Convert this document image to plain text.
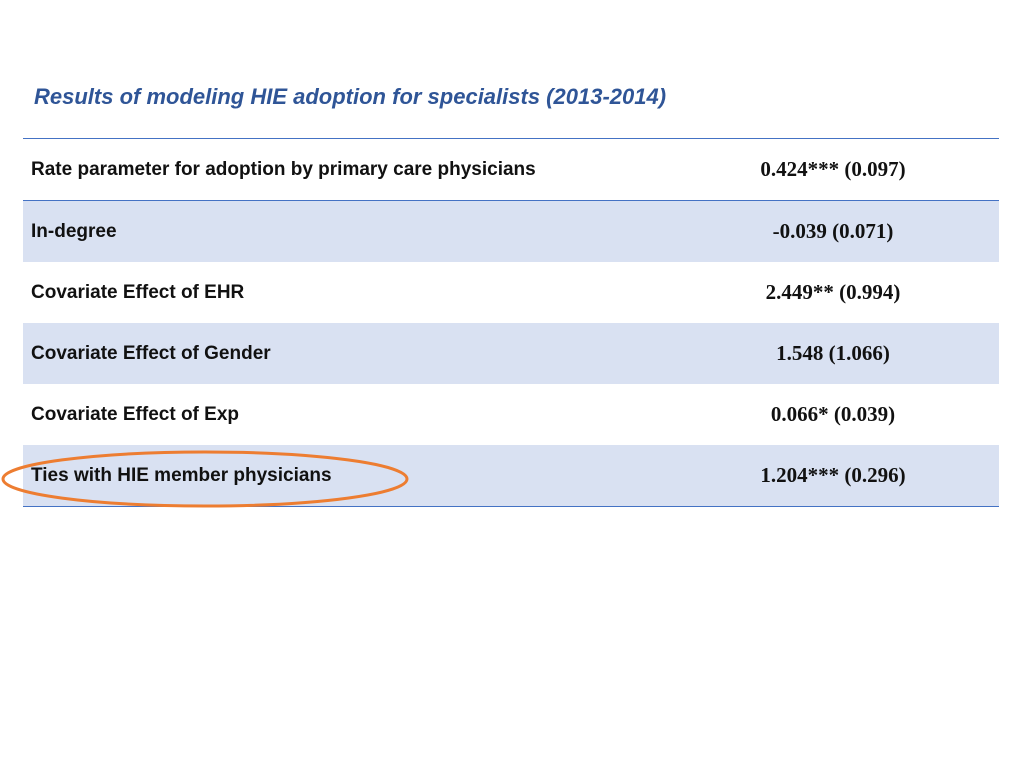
Results of modeling HIE adoption for specialists (2013-2014)
Rate parameter for adoption by primary care physicians	0.424*** (0.097)
In-degree	-0.039 (0.071)
Covariate Effect of EHR	2.449** (0.994)
Covariate Effect of Gender	1.548 (1.066)
Covariate Effect of Exp	0.066* (0.039)
Ties with HIE member physicians	1.204*** (0.296)
